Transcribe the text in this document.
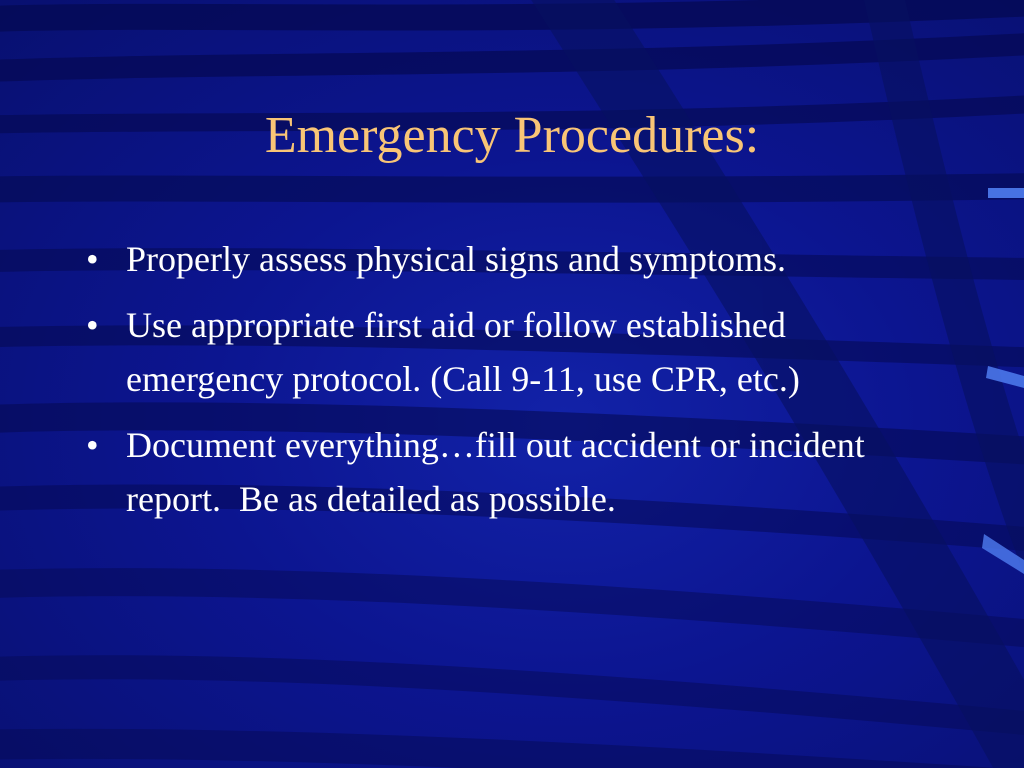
Emergency Procedures:
• Properly assess physical signs and symptoms.
• Use appropriate first aid or follow established emergency protocol. (Call 9-11, use CPR, etc.)
• Document everything…fill out accident or incident report.  Be as detailed as possible.
